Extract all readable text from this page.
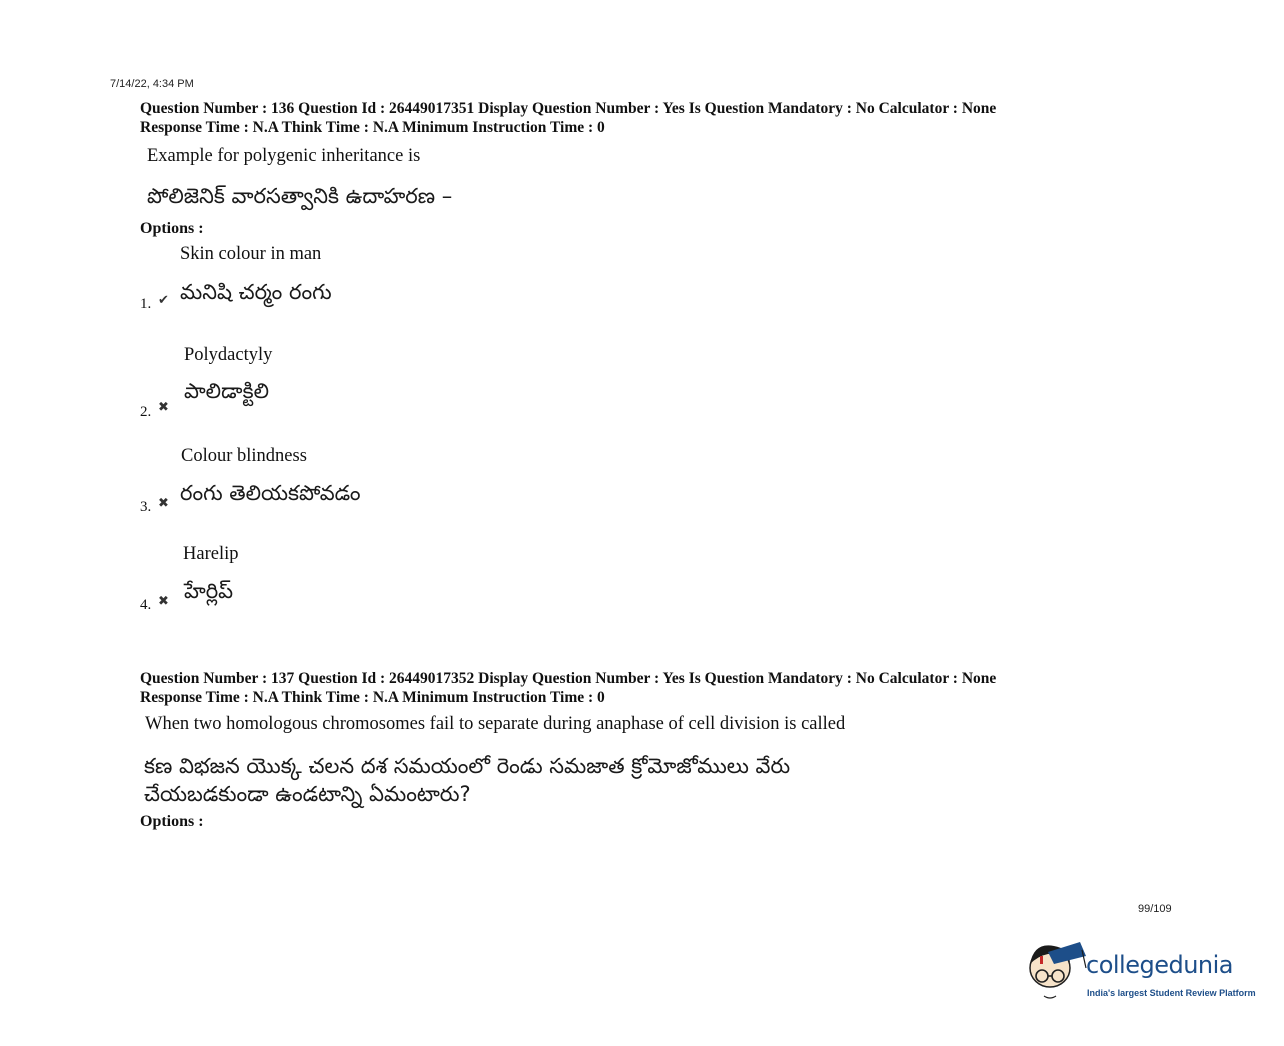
7/14/22, 4:34 PM
Question Number : 136 Question Id : 26449017351 Display Question Number : Yes Is Question Mandatory : No Calculator : None
Response Time : N.A Think Time : N.A Minimum Instruction Time : 0
Example for polygenic inheritance is
పోలిజెనిక్ వారసత్వానికి ఉదాహరణ –
Options :
Skin colour in man
1. ✔ మనిషి చర్మం రంగు
Polydactyly
2. ✖
పాలిడాక్టిలి
Colour blindness
3. ✖ రంగు తెలియకపోవడం
Harelip
4. ✖ హేర్లిప్
Question Number : 137 Question Id : 26449017352 Display Question Number : Yes Is Question Mandatory : No Calculator : None
Response Time : N.A Think Time : N.A Minimum Instruction Time : 0
When two homologous chromosomes fail to separate during anaphase of cell division is called
కణ విభజన యొక్క చలన దశ సమయంలో రెండు సమజాత క్రోమోజోములు వేరు
చేయబడకుండా ఉండటాన్ని ఏమంటారు?
Options :
99/109
collegedunia
India's largest Student Review Platform
